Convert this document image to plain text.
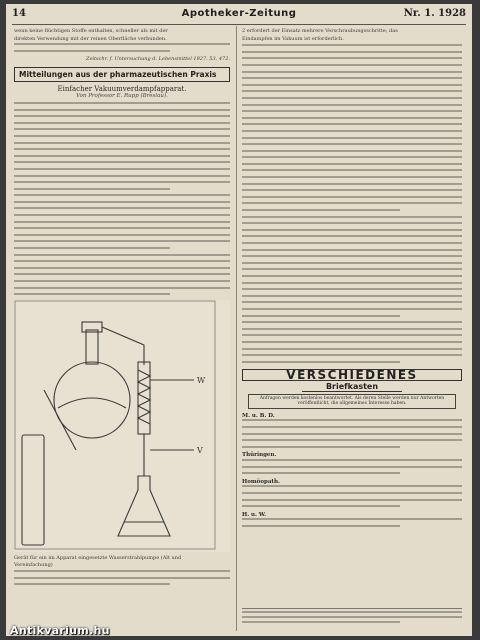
14	Apotheker-Zeitung	Nr. 1. 1928
wenn keine flüchtigen Stoffe enthalten, schneller als mit der
direkten Verwendung mit der reinen Oberfläche verbunden.
Zeitschr. f. Untersuchung d. Lebensmittel 1927. 53, 472.
Mitteilungen aus der pharmazeutischen Praxis
Einfacher Vakuumverdampfapparat.
Von Professor E. Rupp (Breslau).
W
V
Gerät für ein im Apparat eingesetzte Wasserstrahlpumpe (Alt und
Vereinfachung)
2 erfordert der Einsatz mehrere Verschraubungsschritte; das
Eindampfen im Vakuum ist erforderlich.
VERSCHIEDENES
Briefkasten
Anfragen werden kostenlos beantwortet. Als deren Stelle werden nur Antworten veröffentlicht, die allgemeines Interesse haben.
M. u. B. D.
Thüringen.
Homöopath.
H. u. W.
Antikvarium.hu
